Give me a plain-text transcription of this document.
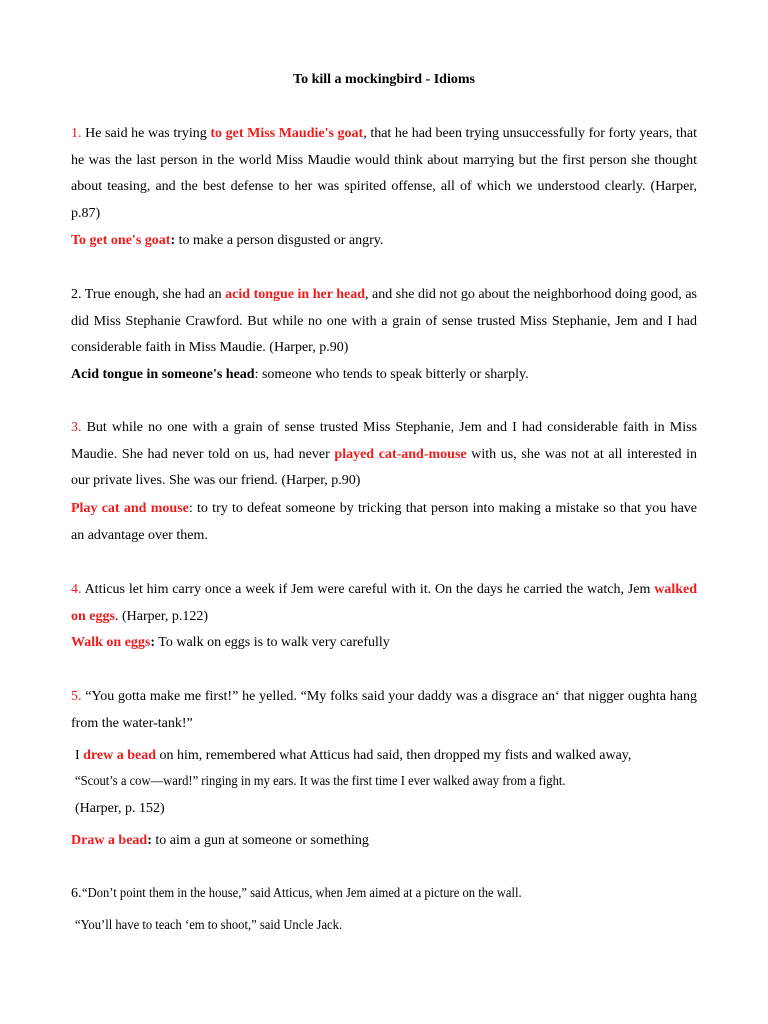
To kill a mockingbird - Idioms

1. He said he was trying to get Miss Maudie's goat, that he had been trying unsuccessfully for forty years, that he was the last person in the world Miss Maudie would think about marrying but the first person she thought about teasing, and the best defense to her was spirited offense, all of which we understood clearly. (Harper, p.87)

To get one's goat: to make a person disgusted or angry.

2. True enough, she had an acid tongue in her head, and she did not go about the neighborhood doing good, as did Miss Stephanie Crawford. But while no one with a grain of sense trusted Miss Stephanie, Jem and I had considerable faith in Miss Maudie. (Harper, p.90)

Acid tongue in someone's head: someone who tends to speak bitterly or sharply.

3. But while no one with a grain of sense trusted Miss Stephanie, Jem and I had considerable faith in Miss Maudie. She had never told on us, had never played cat-and-mouse with us, she was not at all interested in our private lives. She was our friend. (Harper, p.90)

Play cat and mouse: to try to defeat someone by tricking that person into making a mistake so that you have an advantage over them.

4. Atticus let him carry once a week if Jem were careful with it. On the days he carried the watch, Jem walked on eggs. (Harper, p.122)

Walk on eggs: To walk on eggs is to walk very carefully

5. “You gotta make me first!” he yelled. “My folks said your daddy was a disgrace an‘ that nigger oughta hang from the water-tank!”

I drew a bead on him, remembered what Atticus had said, then dropped my fists and walked away,

“Scout’s a cow—ward!” ringing in my ears. It was the first time I ever walked away from a fight.

(Harper, p. 152)

Draw a bead: to aim a gun at someone or something

6.“Don’t point them in the house,” said Atticus, when Jem aimed at a picture on the wall.

“You’ll have to teach ‘em to shoot,” said Uncle Jack.
